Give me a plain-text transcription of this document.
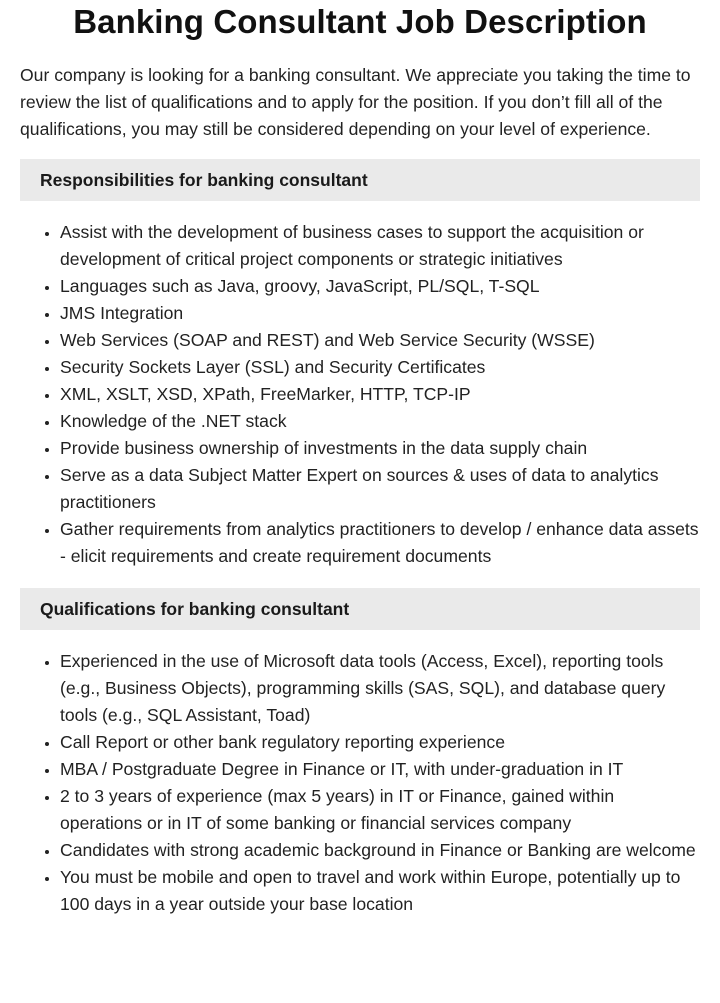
Banking Consultant Job Description

Our company is looking for a banking consultant. We appreciate you taking the time to review the list of qualifications and to apply for the position. If you don’t fill all of the qualifications, you may still be considered depending on your level of experience.

Responsibilities for banking consultant
• Assist with the development of business cases to support the acquisition or development of critical project components or strategic initiatives
• Languages such as Java, groovy, JavaScript, PL/SQL, T-SQL
• JMS Integration
• Web Services (SOAP and REST) and Web Service Security (WSSE)
• Security Sockets Layer (SSL) and Security Certificates
• XML, XSLT, XSD, XPath, FreeMarker, HTTP, TCP-IP
• Knowledge of the .NET stack
• Provide business ownership of investments in the data supply chain
• Serve as a data Subject Matter Expert on sources & uses of data to analytics practitioners
• Gather requirements from analytics practitioners to develop / enhance data assets - elicit requirements and create requirement documents
Qualifications for banking consultant
• Experienced in the use of Microsoft data tools (Access, Excel), reporting tools (e.g., Business Objects), programming skills (SAS, SQL), and database query tools (e.g., SQL Assistant, Toad)
• Call Report or other bank regulatory reporting experience
• MBA / Postgraduate Degree in Finance or IT, with under-graduation in IT
• 2 to 3 years of experience (max 5 years) in IT or Finance, gained within operations or in IT of some banking or financial services company
• Candidates with strong academic background in Finance or Banking are welcome
• You must be mobile and open to travel and work within Europe, potentially up to 100 days in a year outside your base location
